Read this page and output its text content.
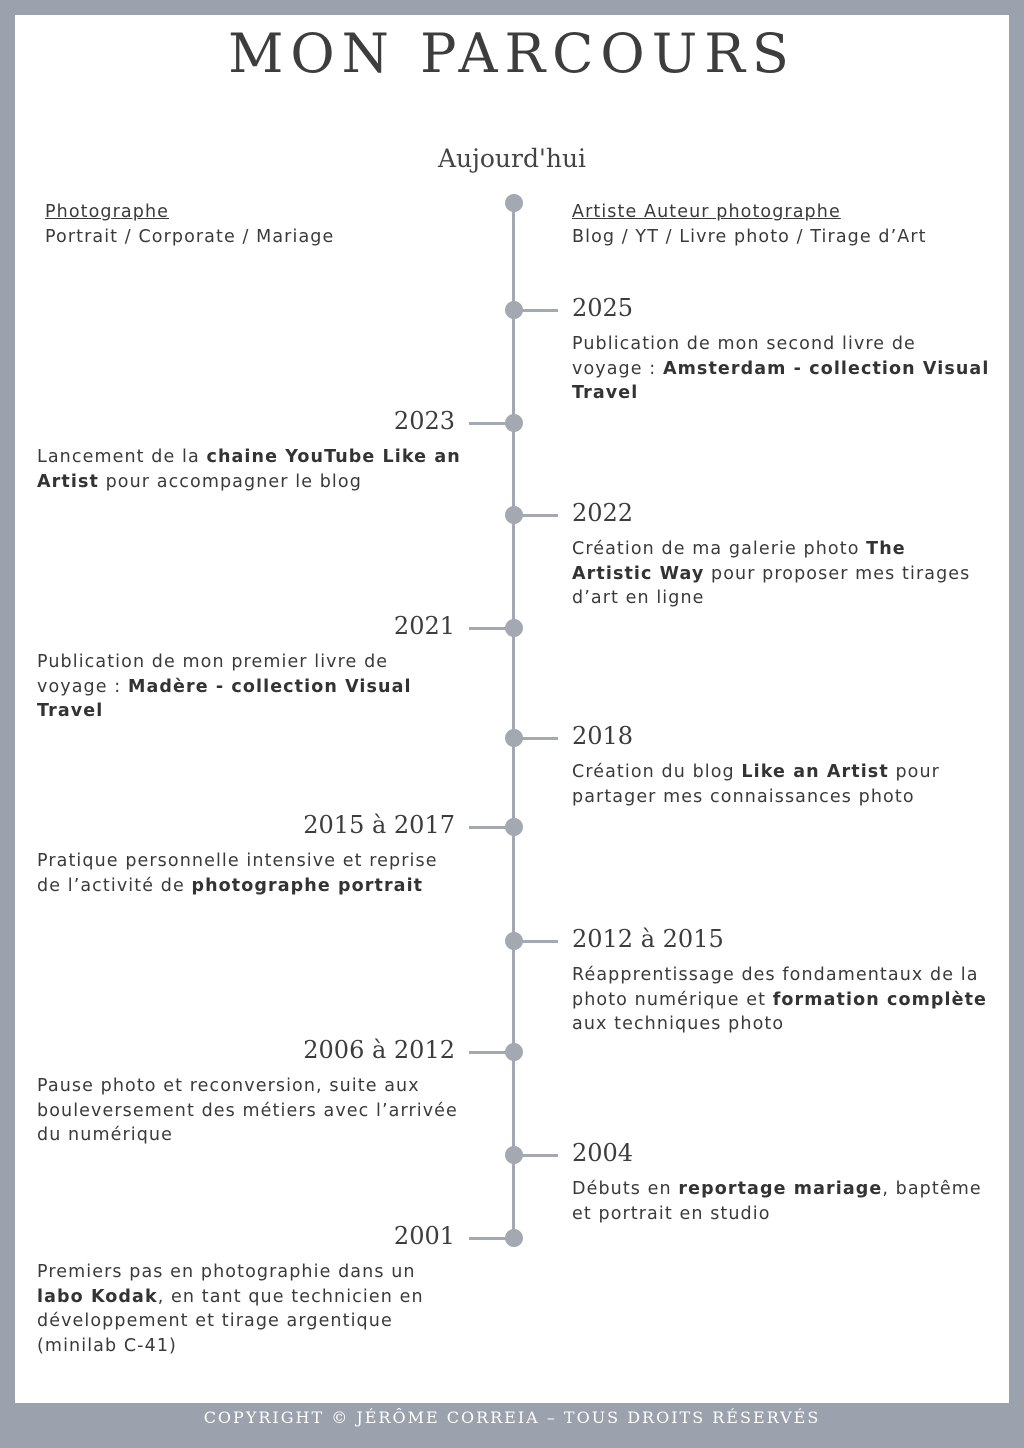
MON PARCOURS
Aujourd'hui
Photographe
Portrait / Corporate / Mariage
Artiste Auteur photographe
Blog / YT / Livre photo / Tirage d’Art
2025
Publication de mon second livre de voyage : Amsterdam - collection Visual Travel
2023
Lancement de la chaine YouTube Like an Artist pour accompagner le blog
2022
Création de ma galerie photo The Artistic Way pour proposer mes tirages d’art en ligne
2021
Publication de mon premier livre de voyage : Madère - collection Visual Travel
2018
Création du blog Like an Artist pour partager mes connaissances photo
2015 à 2017
Pratique personnelle intensive et reprise de l’activité de photographe portrait
2012 à 2015
Réapprentissage des fondamentaux de la photo numérique et formation complète aux techniques photo
2006 à 2012
Pause photo et reconversion, suite aux bouleversement des métiers avec l’arrivée du numérique
2004
Débuts en reportage mariage, baptême et portrait en studio
2001
Premiers pas en photographie dans un labo Kodak, en tant que technicien en développement et tirage argentique (minilab C-41)
COPYRIGHT © JÉRÔME CORREIA – TOUS DROITS RÉSERVÉS
